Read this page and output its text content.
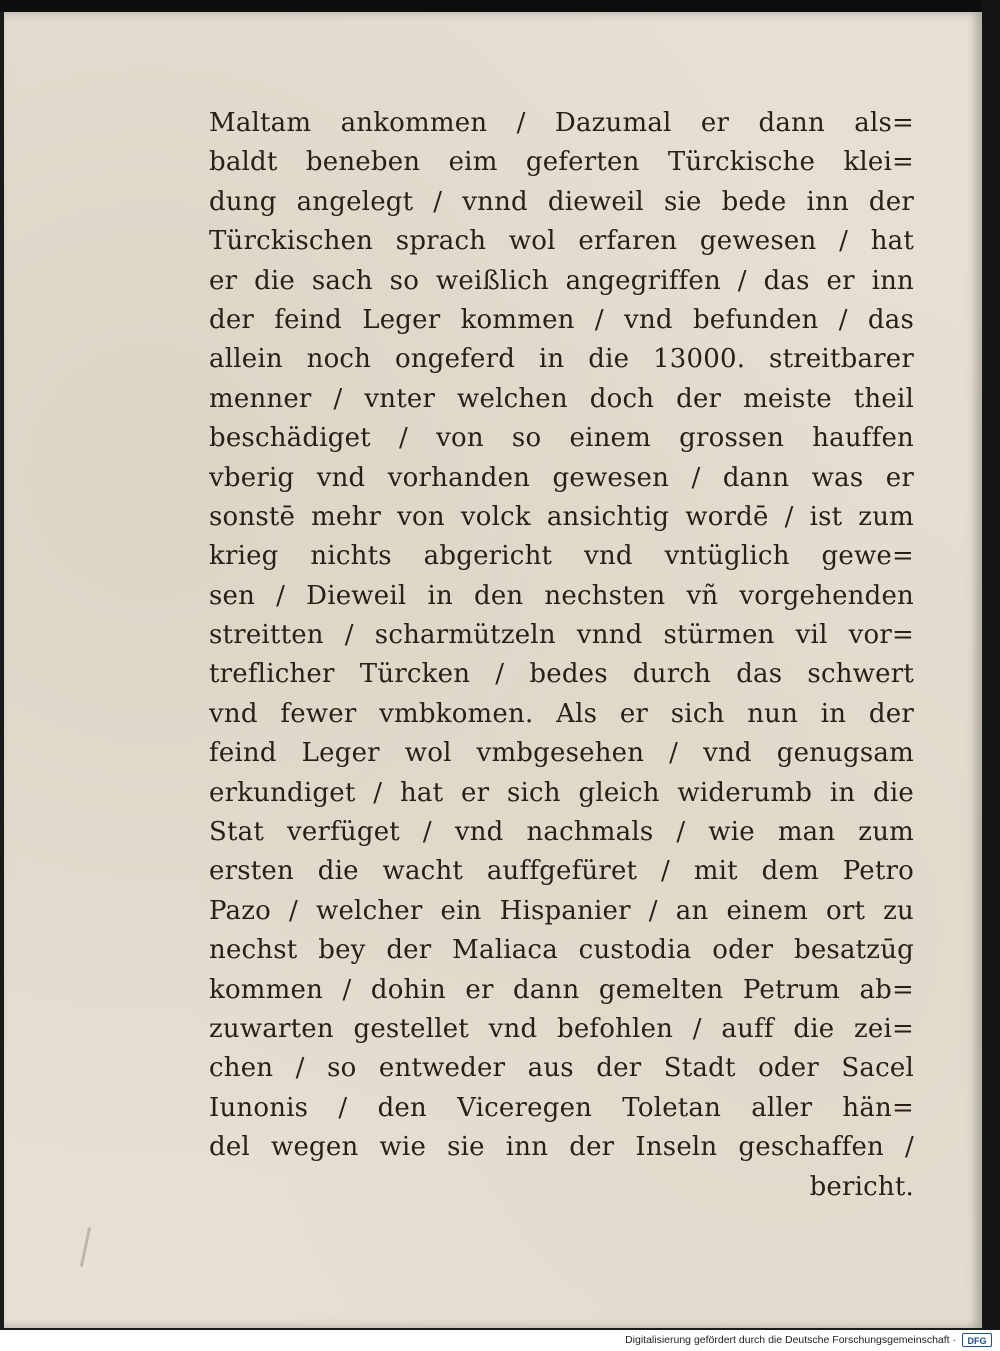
Maltam ankommen / Dazumal er dann als=
baldt beneben eim geferten Türckische klei=
dung angelegt / vnnd dieweil sie bede inn der
Türckischen sprach wol erfaren gewesen / hat
er die sach so weißlich angegriffen / das er inn
der feind Leger kommen / vnd befunden / das
allein noch ongeferd in die 13000. streitbarer
menner / vnter welchen doch der meiste theil
beschädiget / von so einem grossen hauffen
vberig vnd vorhanden gewesen / dann was er
sonstē mehr von volck ansichtig wordē / ist zum
krieg nichts abgericht vnd vntüglich gewe=
sen / Dieweil in den nechsten vñ vorgehenden
streitten / scharmützeln vnnd stürmen vil vor=
treflicher Türcken / bedes durch das schwert
vnd fewer vmbkomen. Als er sich nun in der
feind Leger wol vmbgesehen / vnd genugsam
erkundiget / hat er sich gleich widerumb in die
Stat verfüget / vnd nachmals / wie man zum
ersten die wacht auffgefüret / mit dem Petro
Pazo / welcher ein Hispanier / an einem ort zu
nechst bey der Maliaca custodia oder besatzūg
kommen / dohin er dann gemelten Petrum ab=
zuwarten gestellet vnd befohlen / auff die zei=
chen / so entweder aus der Stadt oder Sacel
Iunonis / den Viceregen Toletan aller hän=
del wegen wie sie inn der Inseln geschaffen /
bericht.
Digitalisierung gefördert durch die Deutsche Forschungsgemeinschaft ·	DFG
